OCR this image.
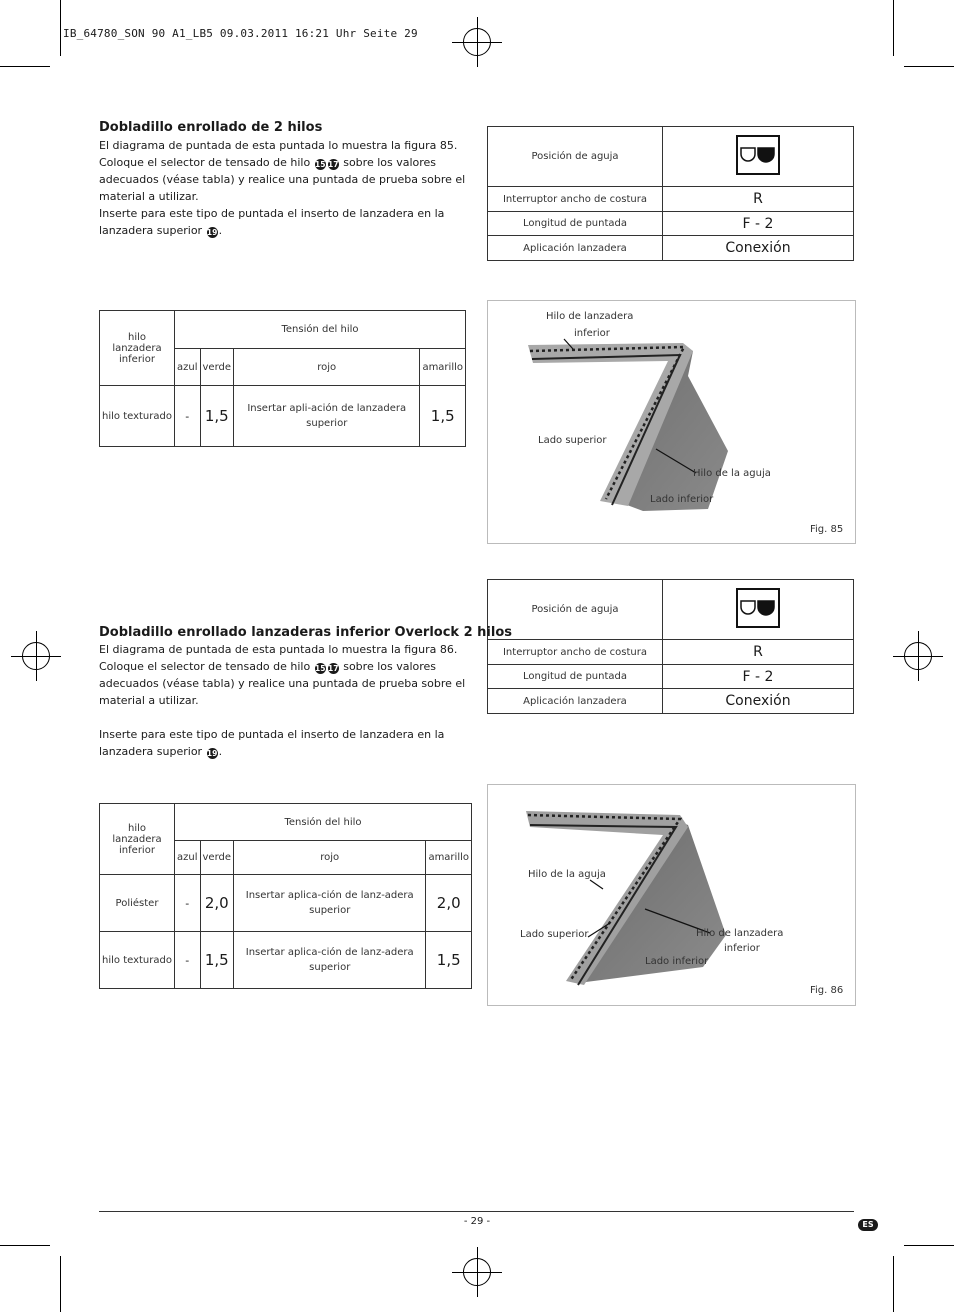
IB_64780_SON 90 A1_LB5 09.03.2011 16:21 Uhr Seite 29
Dobladillo enrollado de 2 hilos

El diagrama de puntada de esta puntada lo muestra la figura 85.

Coloque el selector de tensado de hilo 15 17 sobre los valores adecuados (véase tabla) y realice una puntada de prueba sobre el material a utilizar.

Inserte para este tipo de puntada el inserto de lanzadera en la lanzadera superior 19.

Posición de aguja	
Interruptor ancho de costura	R
Longitud de puntada	F - 2
Aplicación lanzadera	Conexión
hilo lanzadera inferior	Tensión del hilo			
	azul	verde	rojo	amarillo
hilo texturado	-	1,5	Insertar apli-ación de lanzadera superior	1,5
Hilo de lanzadera
inferior
Lado superior
Hilo de la aguja
Lado inferior
Fig. 85
Posición de aguja	
Interruptor ancho de costura	R
Longitud de puntada	F - 2
Aplicación lanzadera	Conexión
Dobladillo enrollado lanzaderas inferior Overlock 2 hilos

El diagrama de puntada de esta puntada lo muestra la figura 86.

Coloque el selector de tensado de hilo 15 17 sobre los valores adecuados (véase tabla) y realice una puntada de prueba sobre el material a utilizar.

Inserte para este tipo de puntada el inserto de lanzadera en la lanzadera superior 19.

hilo lanzadera inferior	Tensión del hilo			
	azul	verde	rojo	amarillo
Poliéster	-	2,0	Insertar aplica-ción de lanz-adera superior	2,0
hilo texturado	-	1,5	Insertar aplica-ción de lanz-adera superior	1,5
Hilo de la aguja
Lado superior	Hilo de lanzadera
inferior
Lado inferior
Fig. 86
- 29 -	ES
